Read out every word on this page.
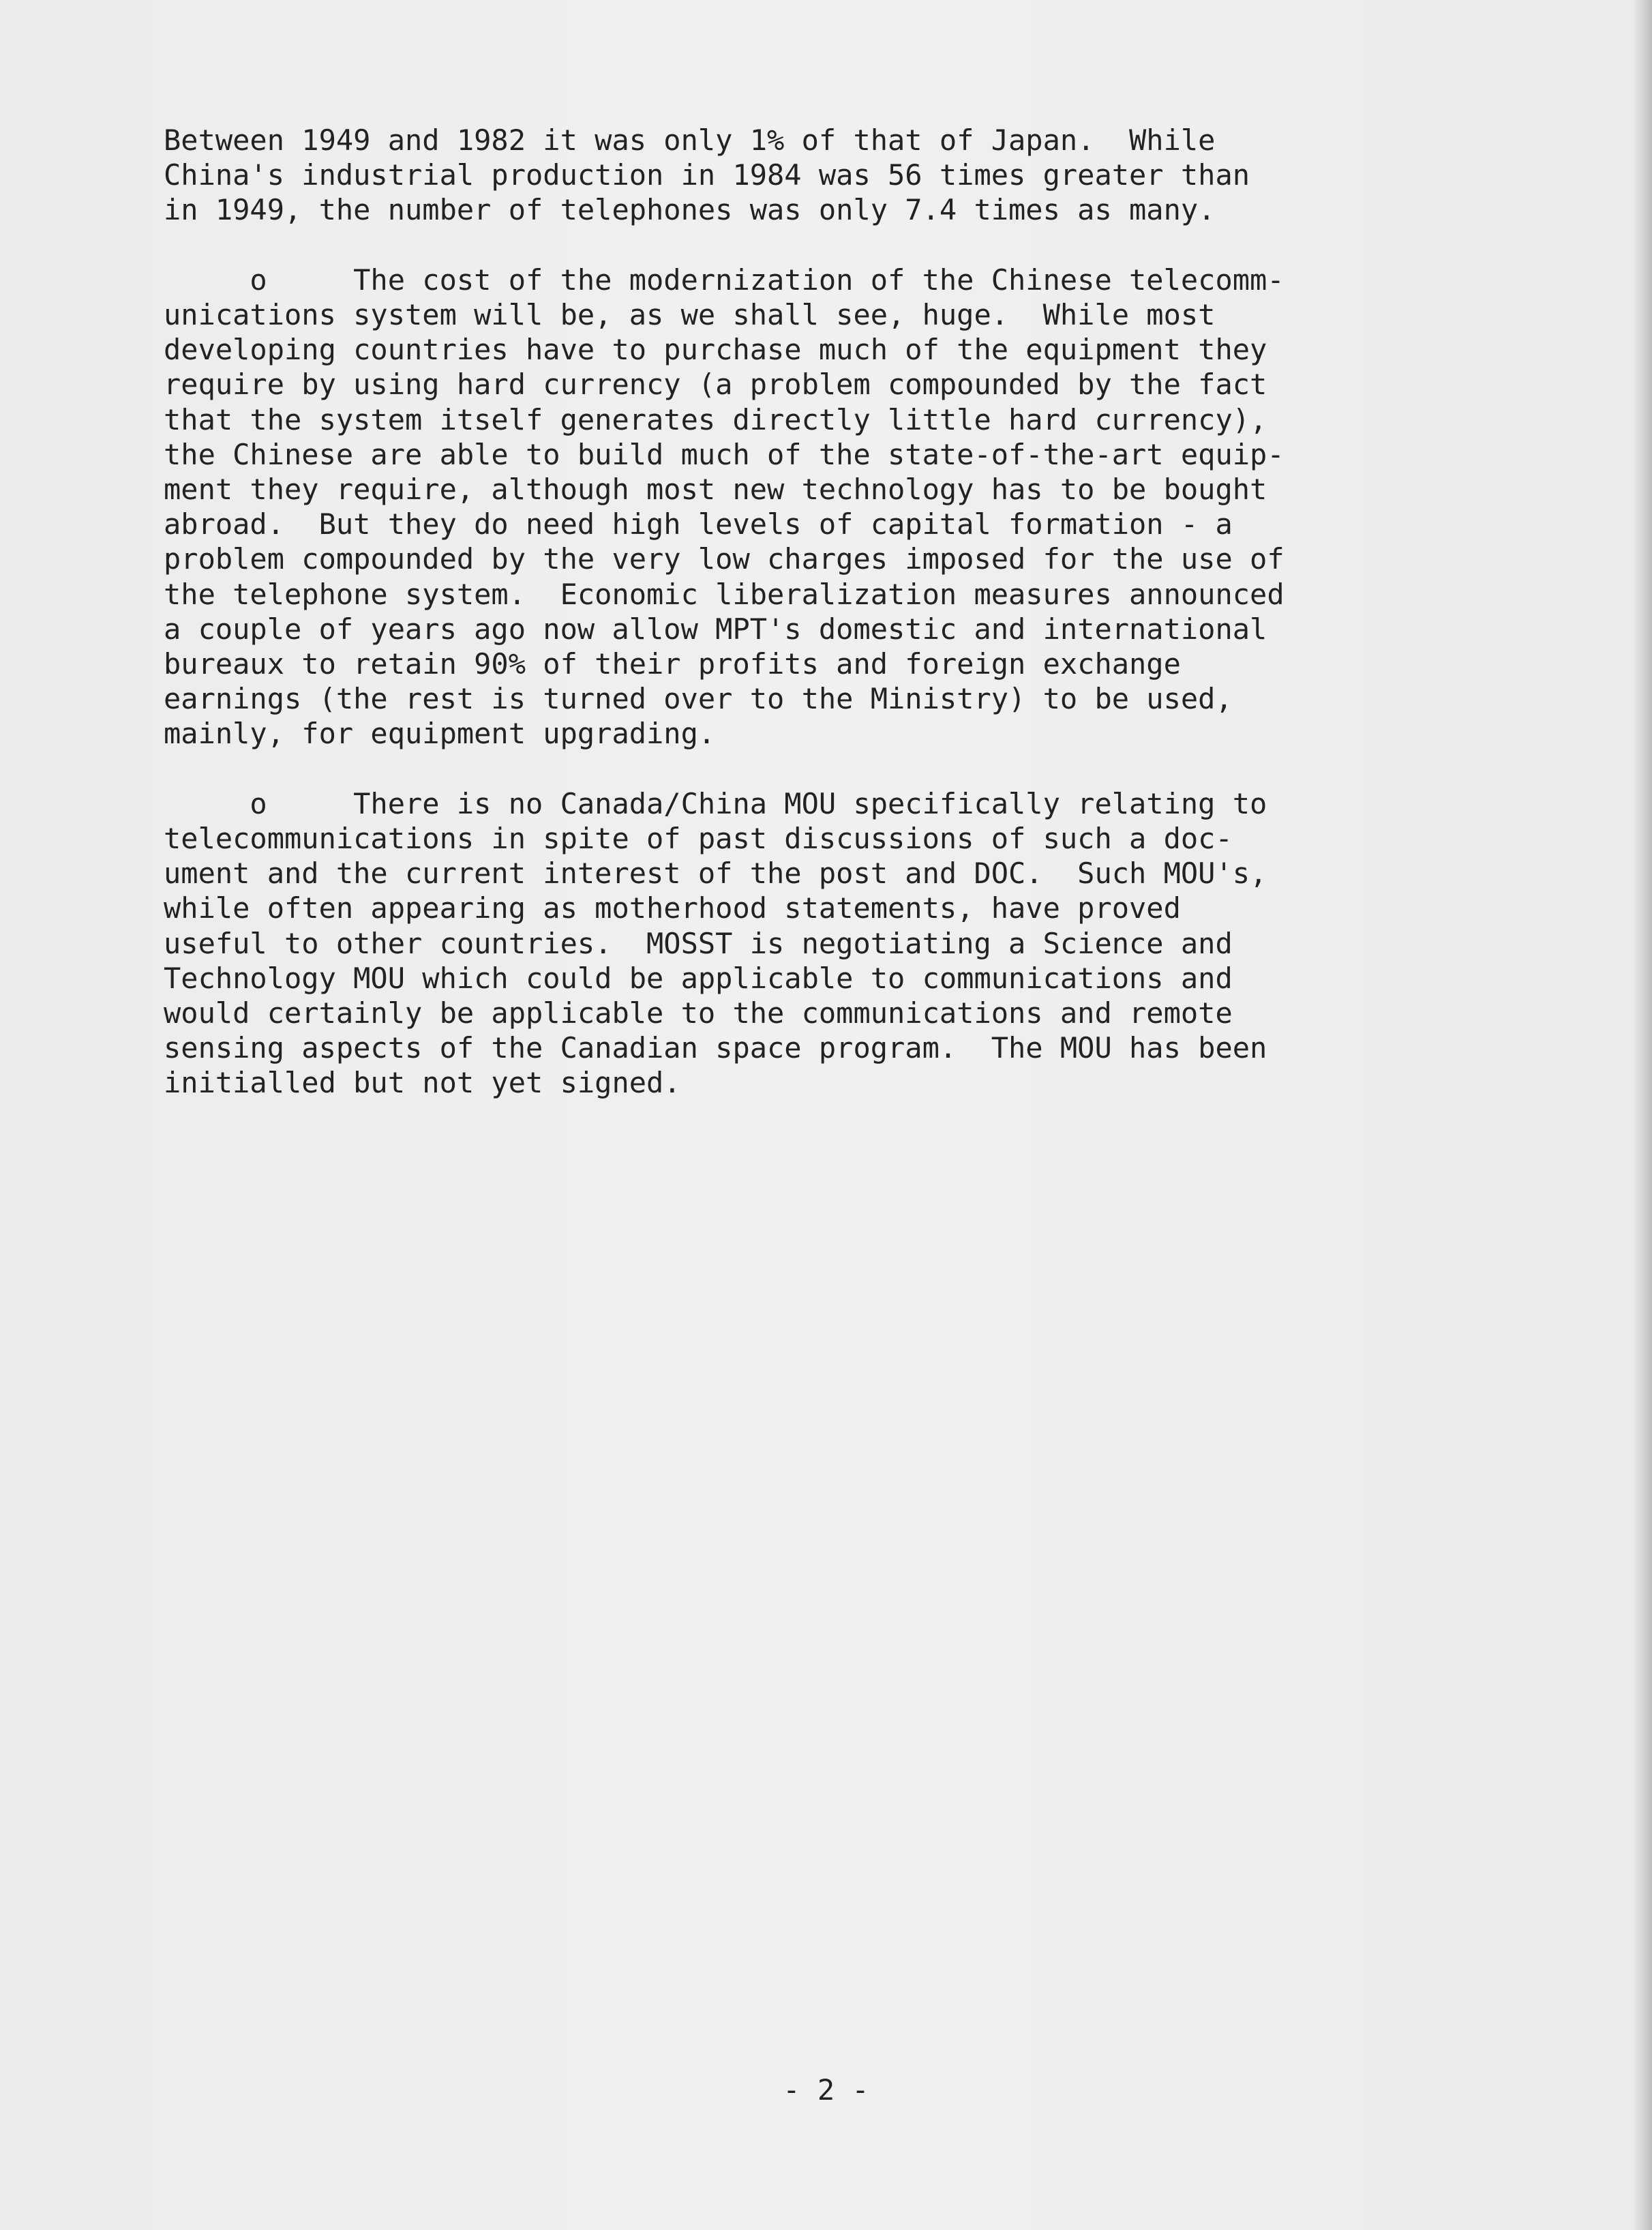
Between 1949 and 1982 it was only 1% of that of Japan.  While
China's industrial production in 1984 was 56 times greater than
in 1949, the number of telephones was only 7.4 times as many.

o     The cost of the modernization of the Chinese telecomm-
unications system will be, as we shall see, huge.  While most
developing countries have to purchase much of the equipment they
require by using hard currency (a problem compounded by the fact
that the system itself generates directly little hard currency),
the Chinese are able to build much of the state-of-the-art equip-
ment they require, although most new technology has to be bought
abroad.  But they do need high levels of capital formation - a
problem compounded by the very low charges imposed for the use of
the telephone system.  Economic liberalization measures announced
a couple of years ago now allow MPT's domestic and international
bureaux to retain 90% of their profits and foreign exchange
earnings (the rest is turned over to the Ministry) to be used,
mainly, for equipment upgrading.

o     There is no Canada/China MOU specifically relating to
telecommunications in spite of past discussions of such a doc-
ument and the current interest of the post and DOC.  Such MOU's,
while often appearing as motherhood statements, have proved
useful to other countries.  MOSST is negotiating a Science and
Technology MOU which could be applicable to communications and
would certainly be applicable to the communications and remote
sensing aspects of the Canadian space program.  The MOU has been
initialled but not yet signed.

- 2 -
